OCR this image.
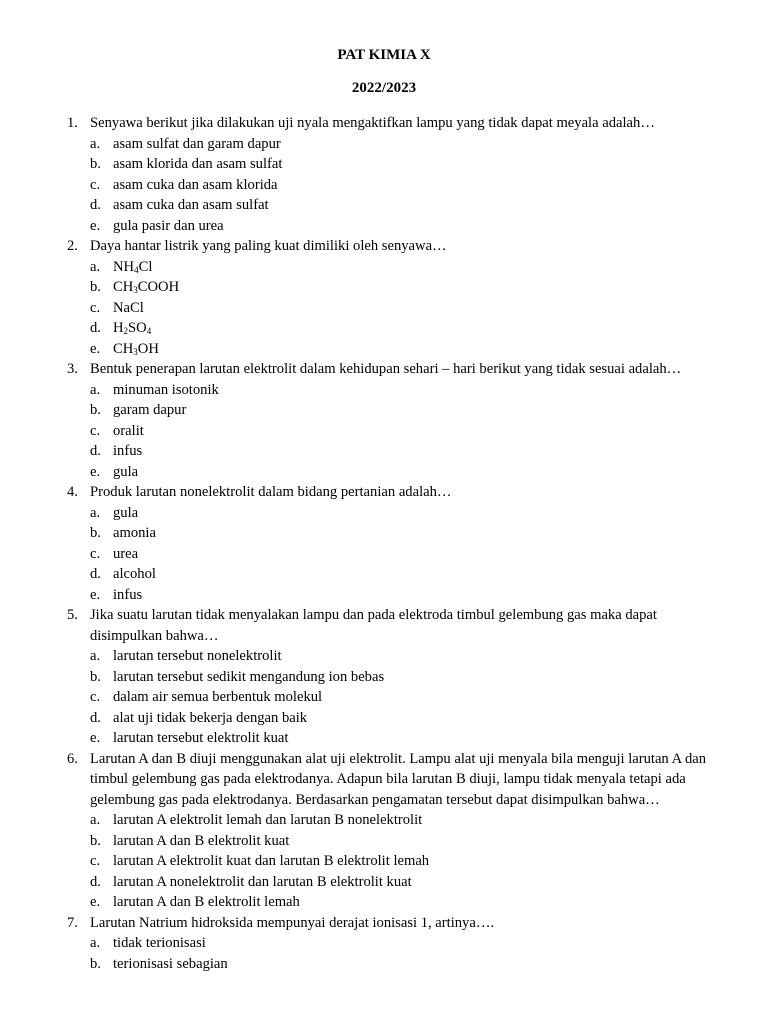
PAT KIMIA X
2022/2023
1. Senyawa berikut jika dilakukan uji nyala mengaktifkan lampu yang tidak dapat meyala adalah…
a. asam sulfat dan garam dapur
b. asam klorida dan asam sulfat
c. asam cuka dan asam klorida
d. asam cuka dan asam sulfat
e. gula pasir dan urea
2. Daya hantar listrik yang paling kuat dimiliki oleh senyawa…
a. $NH_4Cl$
b. $CH_3COOH$
c. NaCl
d. $H_2SO_4$
e. $CH_3OH$
3. Bentuk penerapan larutan elektrolit dalam kehidupan sehari – hari berikut yang tidak sesuai adalah…
a. minuman isotonik
b. garam dapur
c. oralit
d. infus
e. gula
4. Produk larutan nonelektrolit dalam bidang pertanian adalah…
a. gula
b. amonia
c. urea
d. alcohol
e. infus
5. Jika suatu larutan tidak menyalakan lampu dan pada elektroda timbul gelembung gas maka dapat disimpulkan bahwa…
a. larutan tersebut nonelektrolit
b. larutan tersebut sedikit mengandung ion bebas
c. dalam air semua berbentuk molekul
d. alat uji tidak bekerja dengan baik
e. larutan tersebut elektrolit kuat
6. Larutan A dan B diuji menggunakan alat uji elektrolit. Lampu alat uji menyala bila menguji larutan A dan timbul gelembung gas pada elektrodanya. Adapun bila larutan B diuji, lampu tidak menyala tetapi ada gelembung gas pada elektrodanya. Berdasarkan pengamatan tersebut dapat disimpulkan bahwa…
a. larutan A elektrolit lemah dan larutan B nonelektrolit
b. larutan A dan B elektrolit kuat
c. larutan A elektrolit kuat dan larutan B elektrolit lemah
d. larutan A nonelektrolit dan larutan B elektrolit kuat
e. larutan A dan B elektrolit lemah
7. Larutan Natrium hidroksida mempunyai derajat ionisasi 1, artinya….
a. tidak terionisasi
b. terionisasi sebagian
